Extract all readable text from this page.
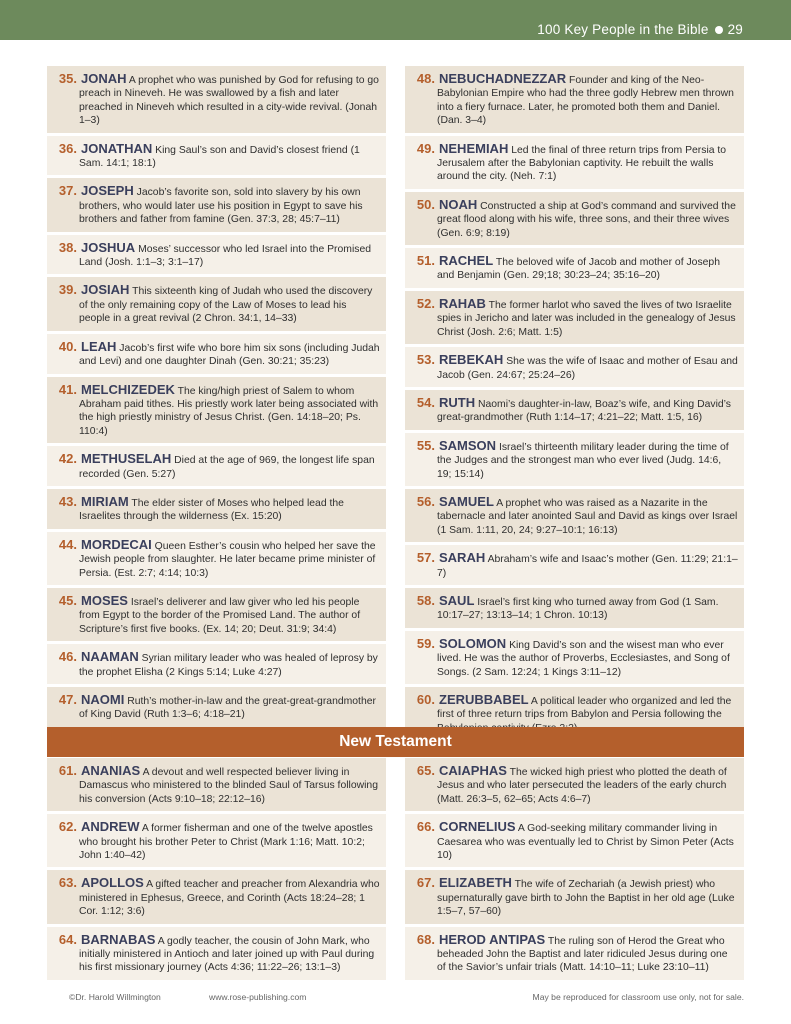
100 Key People in the Bible 29
35. JONAH A prophet who was punished by God for refusing to go preach in Nineveh. He was swallowed by a fish and later preached in Nineveh which resulted in a city-wide revival. (Jonah 1–3)
36. JONATHAN King Saul’s son and David’s closest friend (1 Sam. 14:1; 18:1)
37. JOSEPH Jacob’s favorite son, sold into slavery by his own brothers, who would later use his position in Egypt to save his brothers and father from famine (Gen. 37:3, 28; 45:7–11)
38. JOSHUA Moses’ successor who led Israel into the Promised Land (Josh. 1:1–3; 3:1–17)
39. JOSIAH This sixteenth king of Judah who used the discovery of the only remaining copy of the Law of Moses to lead his people in a great revival (2 Chron. 34:1, 14–33)
40. LEAH Jacob’s first wife who bore him six sons (including Judah and Levi) and one daughter Dinah (Gen. 30:21; 35:23)
41. MELCHIZEDEK The king/high priest of Salem to whom Abraham paid tithes. His priestly work later being associated with the high priestly ministry of Jesus Christ. (Gen. 14:18–20; Ps. 110:4)
42. METHUSELAH Died at the age of 969, the longest life span recorded (Gen. 5:27)
43. MIRIAM The elder sister of Moses who helped lead the Israelites through the wilderness (Ex. 15:20)
44. MORDECAI Queen Esther’s cousin who helped her save the Jewish people from slaughter. He later became prime minister of Persia. (Est. 2:7; 4:14; 10:3)
45. MOSES Israel’s deliverer and law giver who led his people from Egypt to the border of the Promised Land. The author of Scripture’s first five books. (Ex. 14; 20; Deut. 31:9; 34:4)
46. NAAMAN Syrian military leader who was healed of leprosy by the prophet Elisha (2 Kings 5:14; Luke 4:27)
47. NAOMI Ruth’s mother-in-law and the great-great-grandmother of King David (Ruth 1:3–6; 4:18–21)
48. NEBUCHADNEZZAR Founder and king of the Neo-Babylonian Empire who had the three godly Hebrew men thrown into a fiery furnace. Later, he promoted both them and Daniel. (Dan. 3–4)
49. NEHEMIAH Led the final of three return trips from Persia to Jerusalem after the Babylonian captivity. He rebuilt the walls around the city. (Neh. 7:1)
50. NOAH Constructed a ship at God’s command and survived the great flood along with his wife, three sons, and their three wives (Gen. 6:9; 8:19)
51. RACHEL The beloved wife of Jacob and mother of Joseph and Benjamin (Gen. 29;18; 30:23–24; 35:16–20)
52. RAHAB The former harlot who saved the lives of two Israelite spies in Jericho and later was included in the genealogy of Jesus Christ (Josh. 2:6; Matt. 1:5)
53. REBEKAH She was the wife of Isaac and mother of Esau and Jacob (Gen. 24:67; 25:24–26)
54. RUTH Naomi’s daughter-in-law, Boaz’s wife, and King David’s great-grandmother (Ruth 1:14–17; 4:21–22; Matt. 1:5, 16)
55. SAMSON Israel’s thirteenth military leader during the time of the Judges and the strongest man who ever lived (Judg. 14:6, 19; 15:14)
56. SAMUEL A prophet who was raised as a Nazarite in the tabernacle and later anointed Saul and David as kings over Israel (1 Sam. 1:11, 20, 24; 9:27–10:1; 16:13)
57. SARAH Abraham’s wife and Isaac’s mother (Gen. 11:29; 21:1–7)
58. SAUL Israel’s first king who turned away from God (1 Sam. 10:17–27; 13:13–14; 1 Chron. 10:13)
59. SOLOMON King David’s son and the wisest man who ever lived. He was the author of Proverbs, Ecclesiastes, and Song of Songs. (2 Sam. 12:24; 1 Kings 3:11–12)
60. ZERUBBABEL A political leader who organized and led the first of three return trips from Babylon and Persia following the
New Testament
61. ANANIAS A devout and well respected believer living in Damascus who ministered to the blinded Saul of Tarsus following his conversion (Acts 9:10–18; 22:12–16)
62. ANDREW A former fisherman and one of the twelve apostles who brought his brother Peter to Christ (Mark 1:16; Matt. 10:2; John 1:40–42)
63. APOLLOS A gifted teacher and preacher from Alexandria who ministered in Ephesus, Greece, and Corinth (Acts 18:24–28; 1 Cor. 1:12; 3:6)
64. BARNABAS A godly teacher, the cousin of John Mark, who initially ministered in Antioch and later joined up with Paul during his first missionary journey (Acts 4:36; 11:22–26; 13:1–3)
65. CAIAPHAS The wicked high priest who plotted the death of Jesus and who later persecuted the leaders of the early church (Matt. 26:3–5, 62–65; Acts 4:6–7)
66. CORNELIUS A God-seeking military commander living in Caesarea who was eventually led to Christ by Simon Peter (Acts 10)
67. ELIZABETH The wife of Zechariah (a Jewish priest) who supernaturally gave birth to John the Baptist in her old age (Luke 1:5–7, 57–60)
68. HEROD ANTIPAS The ruling son of Herod the Great who beheaded John the Baptist and later ridiculed Jesus during one of the Savior’s unfair trials (Matt. 14:10–11; Luke 23:10–11)
©Dr. Harold Willmington	www.rose-publishing.com	May be reproduced for classroom use only, not for sale.
